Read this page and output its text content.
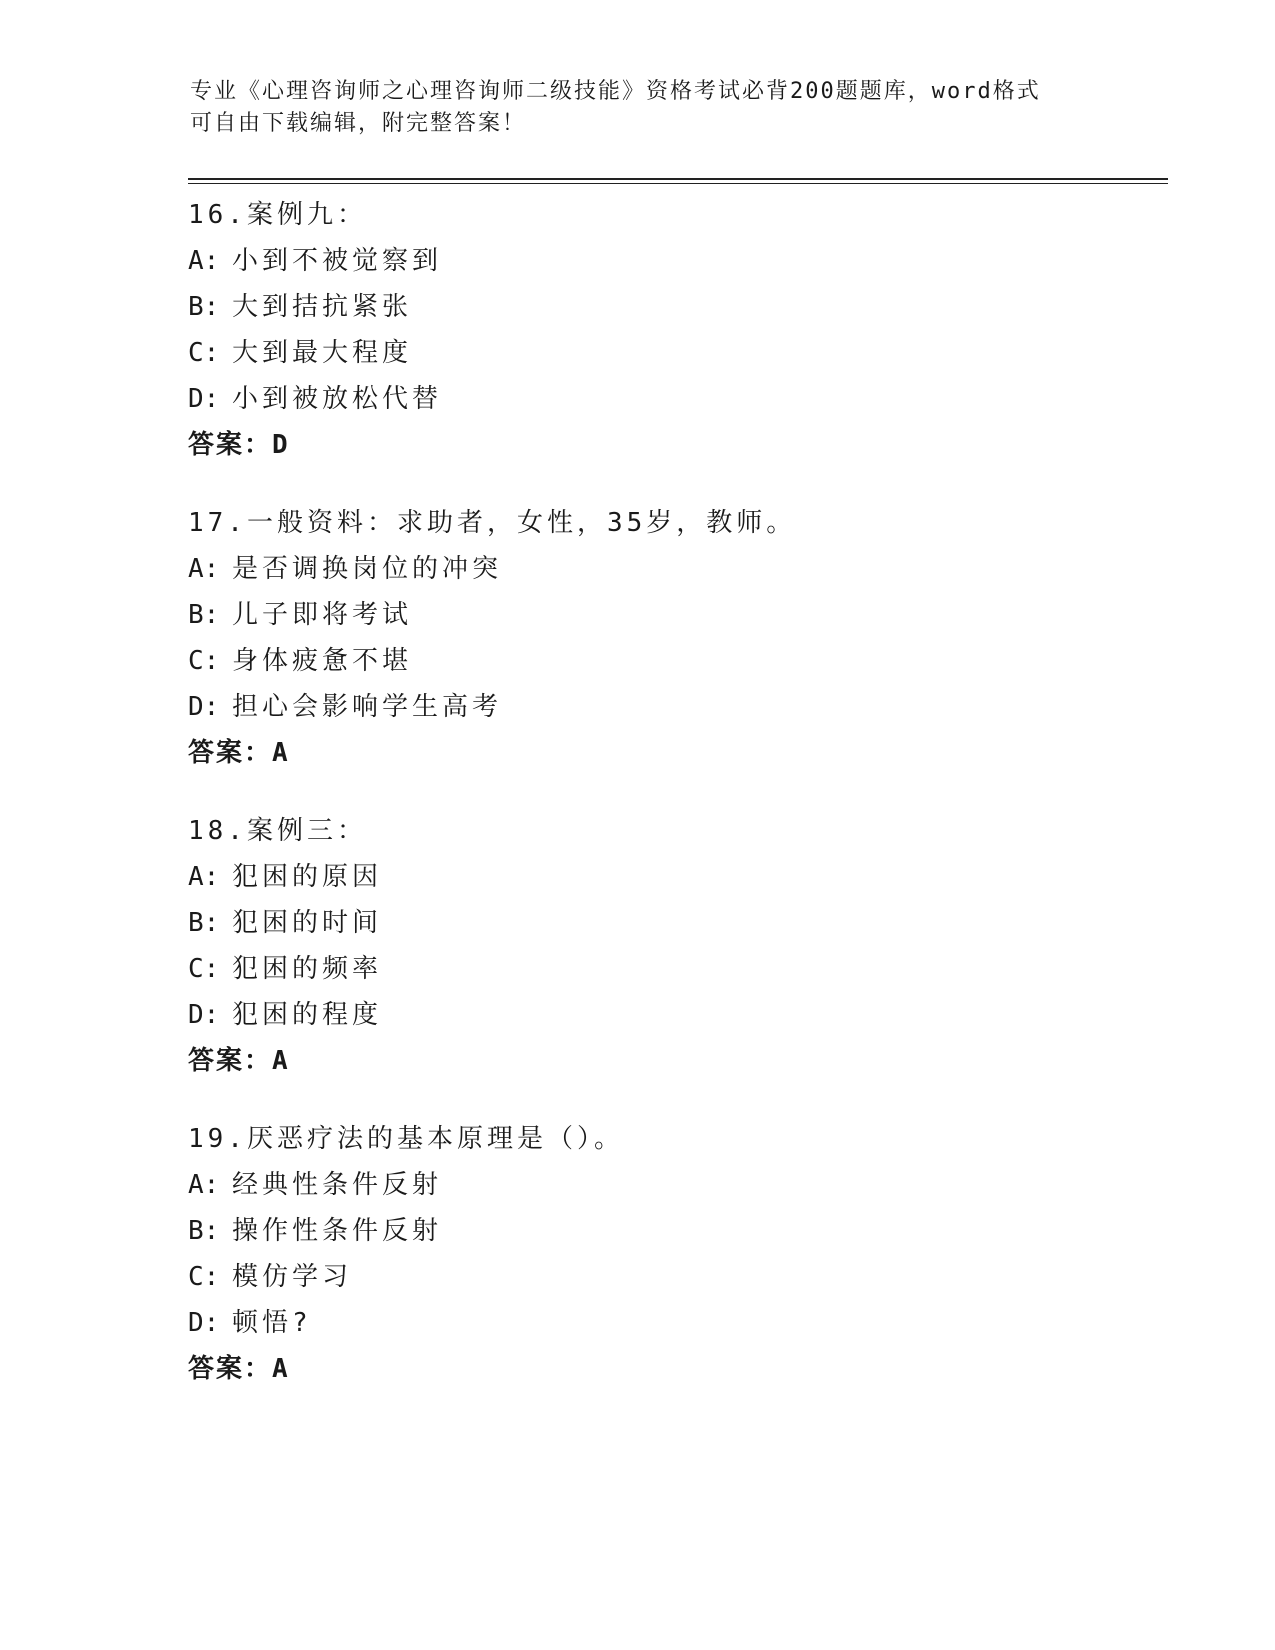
专业《心理咨询师之心理咨询师二级技能》资格考试必背200题题库，word格式
可自由下载编辑，附完整答案！
16.案例九：
A: 小到不被觉察到
B: 大到拮抗紧张
C: 大到最大程度
D: 小到被放松代替
答案：D
17.一般资料：求助者，女性，35岁，教师。
A: 是否调换岗位的冲突
B: 儿子即将考试
C: 身体疲惫不堪
D: 担心会影响学生高考
答案：A
18.案例三：
A: 犯困的原因
B: 犯困的时间
C: 犯困的频率
D: 犯困的程度
答案：A
19.厌恶疗法的基本原理是（）。
A: 经典性条件反射
B: 操作性条件反射
C: 模仿学习
D: 顿悟?
答案：A
